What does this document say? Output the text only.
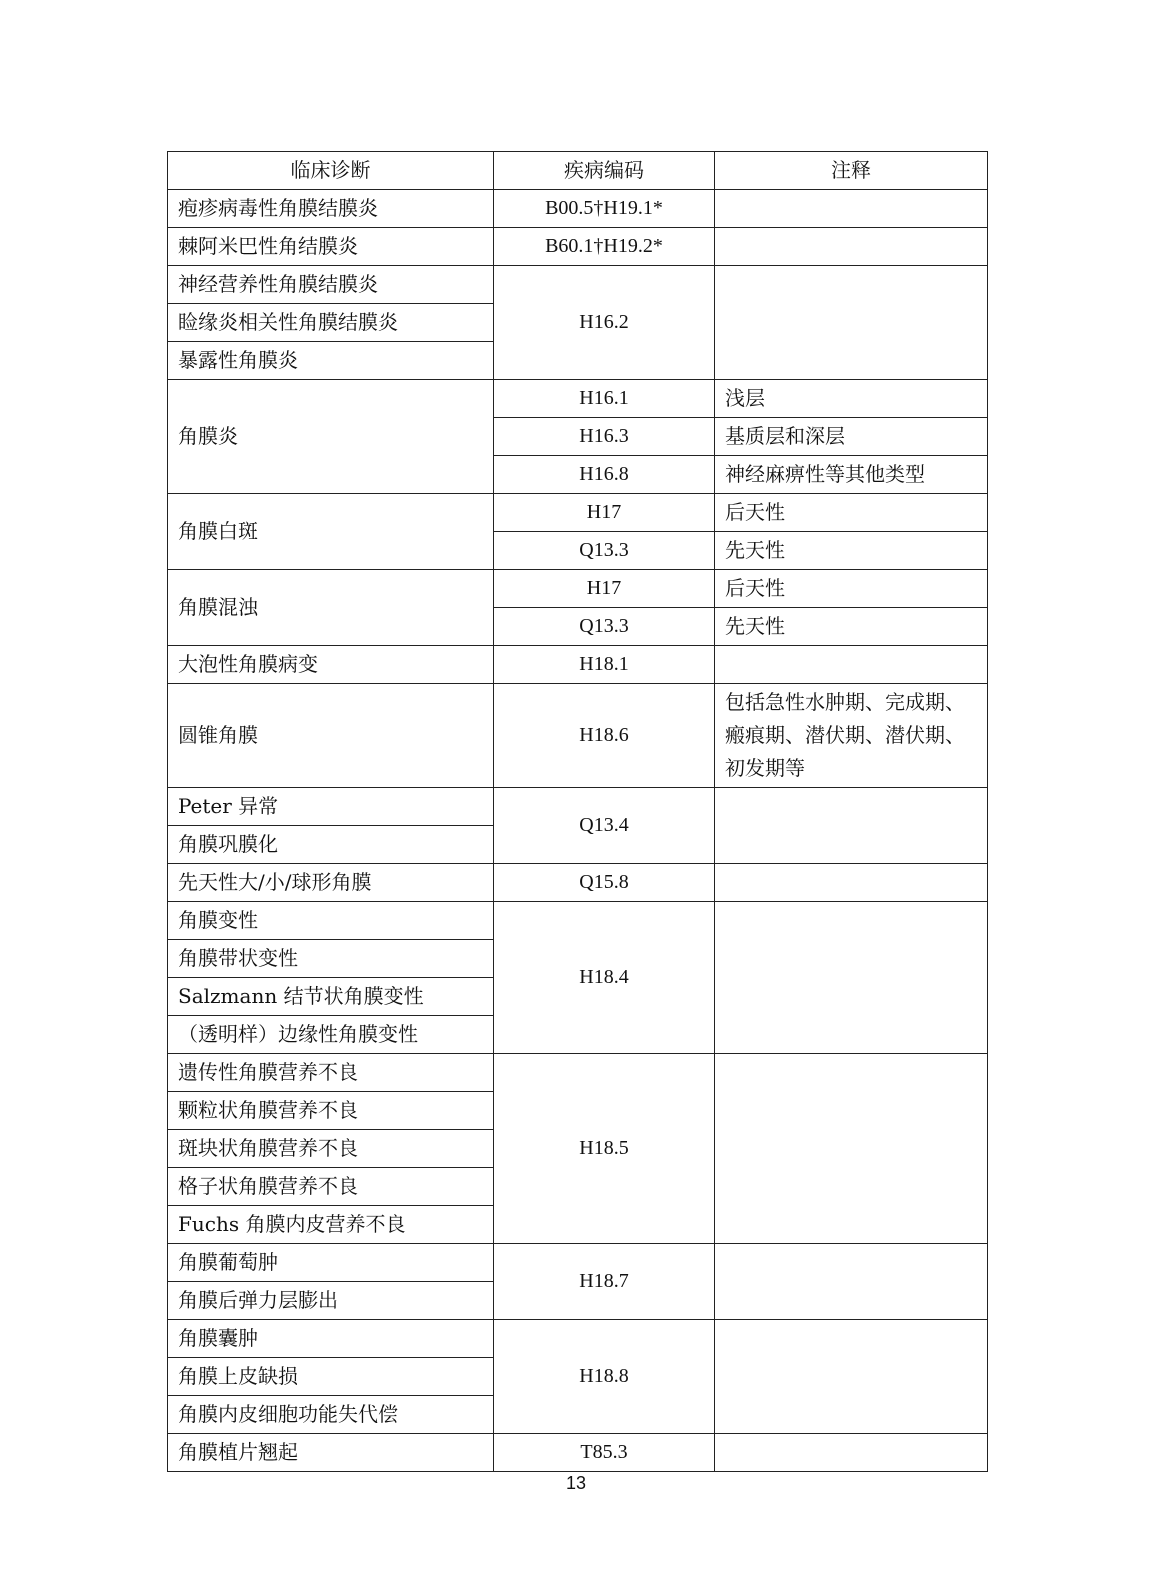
临床诊断	疾病编码	注释
疱疹病毒性角膜结膜炎	B00.5†H19.1*	
棘阿米巴性角结膜炎	B60.1†H19.2*	
神经营养性角膜结膜炎	H16.2	
睑缘炎相关性角膜结膜炎		
暴露性角膜炎		
角膜炎	H16.1	浅层
	H16.3	基质层和深层
	H16.8	神经麻痹性等其他类型
角膜白斑	H17	后天性
	Q13.3	先天性
角膜混浊	H17	后天性
	Q13.3	先天性
大泡性角膜病变	H18.1	
圆锥角膜	H18.6	包括急性水肿期、完成期、瘢痕期、潜伏期、潜伏期、初发期等
Peter 异常	Q13.4	
角膜巩膜化		
先天性大/小/球形角膜	Q15.8	
角膜变性	H18.4	
角膜带状变性		
Salzmann 结节状角膜变性		
（透明样）边缘性角膜变性		
遗传性角膜营养不良	H18.5	
颗粒状角膜营养不良		
斑块状角膜营养不良		
格子状角膜营养不良		
Fuchs 角膜内皮营养不良		
角膜葡萄肿	H18.7	
角膜后弹力层膨出		
角膜囊肿	H18.8	
角膜上皮缺损		
角膜内皮细胞功能失代偿		
角膜植片翘起	T85.3	
13
